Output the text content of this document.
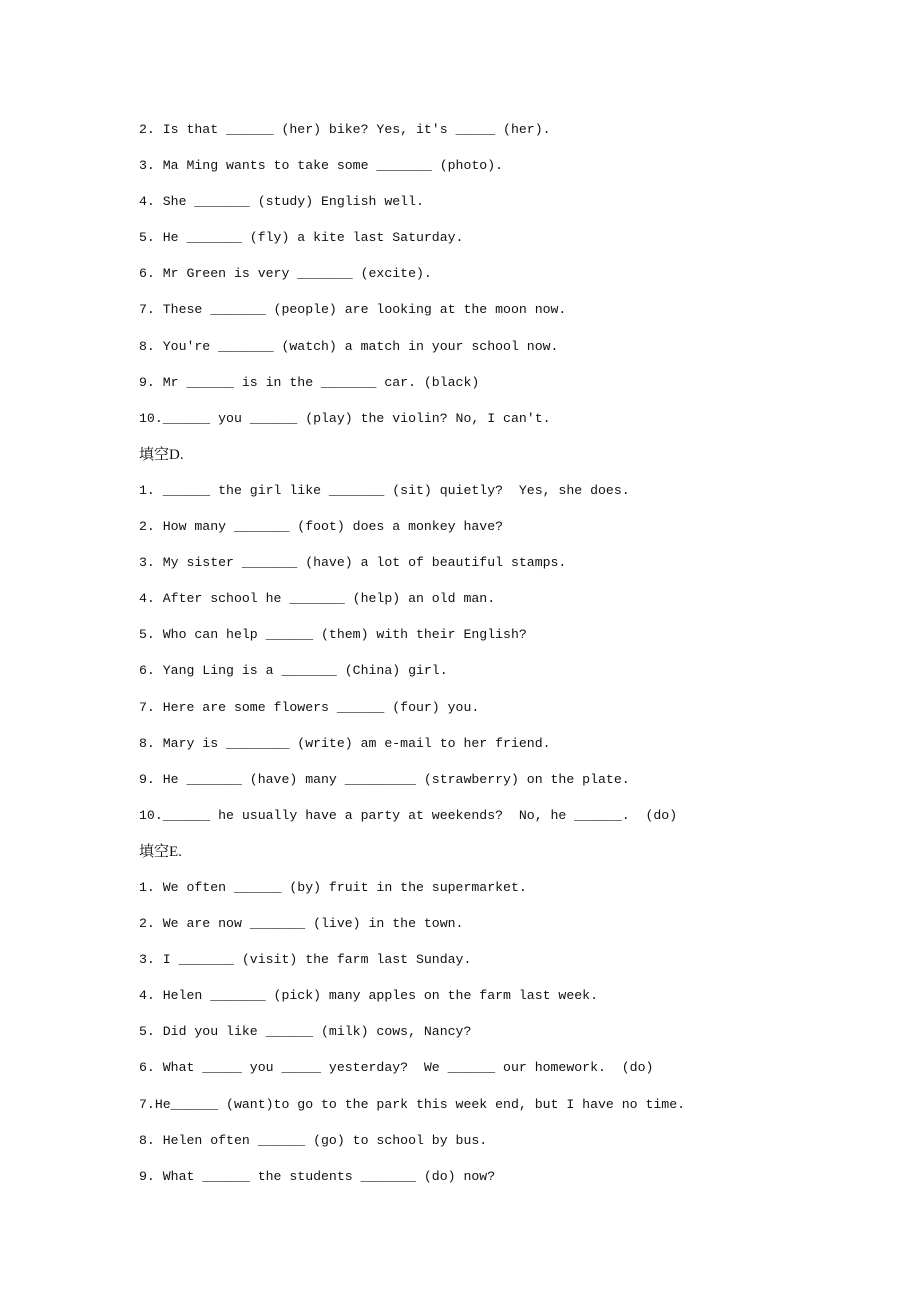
2. Is that ______ (her) bike? Yes, it's _____ (her).
3. Ma Ming wants to take some _______ (photo).
4. She _______ (study) English well.
5. He _______ (fly) a kite last Saturday.
6. Mr Green is very _______ (excite).
7. These _______ (people) are looking at the moon now.
8. You're _______ (watch) a match in your school now.
9. Mr ______ is in the _______ car. (black)
10.______ you ______ (play) the violin? No, I can't.
填空D.
1. ______ the girl like _______ (sit) quietly?  Yes, she does.
2. How many _______ (foot) does a monkey have?
3. My sister _______ (have) a lot of beautiful stamps.
4. After school he _______ (help) an old man.
5. Who can help ______ (them) with their English?
6. Yang Ling is a _______ (China) girl.
7. Here are some flowers ______ (four) you.
8. Mary is ________ (write) am e-mail to her friend.
9. He _______ (have) many _________ (strawberry) on the plate.
10.______ he usually have a party at weekends?  No, he ______.  (do)
填空E.
1. We often ______ (by) fruit in the supermarket.
2. We are now _______ (live) in the town.
3. I _______ (visit) the farm last Sunday.
4. Helen _______ (pick) many apples on the farm last week.
5. Did you like ______ (milk) cows, Nancy?
6. What _____ you _____ yesterday?  We ______ our homework.  (do)
7.He______ (want)to go to the park this week end, but I have no time.
8. Helen often ______ (go) to school by bus.
9. What ______ the students _______ (do) now?
